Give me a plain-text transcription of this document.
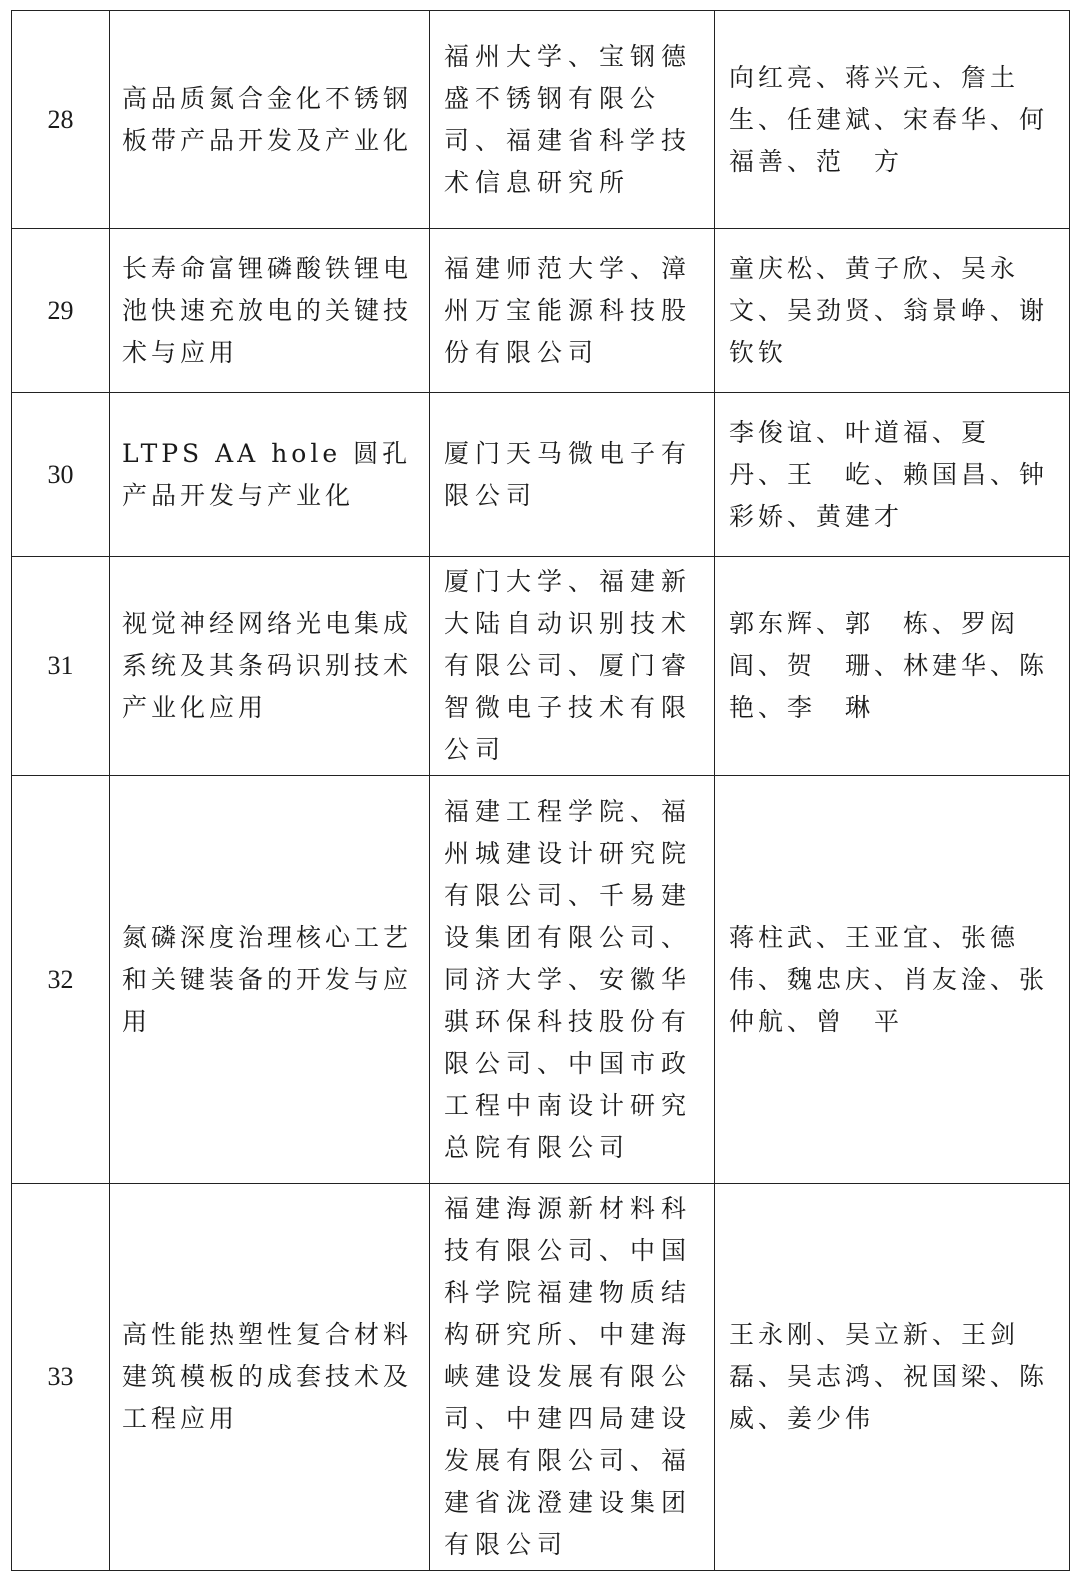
28	高品质氮合金化不锈钢板带产品开发及产业化	福州大学、宝钢德盛不锈钢有限公司、福建省科学技术信息研究所	向红亮、蒋兴元、詹土生、任建斌、宋春华、何福善、范　方

29	长寿命富锂磷酸铁锂电池快速充放电的关键技术与应用	福建师范大学、漳州万宝能源科技股份有限公司	童庆松、黄子欣、吴永文、吴劲贤、翁景峥、谢钦钦

30	LTPS AA hole 圆孔产品开发与产业化	厦门天马微电子有限公司	李俊谊、叶道福、夏　丹、王　屹、赖国昌、钟彩娇、黄建才

31	视觉神经网络光电集成系统及其条码识别技术产业化应用	厦门大学、福建新大陆自动识别技术有限公司、厦门睿智微电子技术有限公司	郭东辉、郭　栋、罗闳闾、贺　珊、林建华、陈　艳、李　琳

32	氮磷深度治理核心工艺和关键装备的开发与应用	福建工程学院、福州城建设计研究院有限公司、千易建设集团有限公司、同济大学、安徽华骐环保科技股份有限公司、中国市政工程中南设计研究总院有限公司	蒋柱武、王亚宜、张德伟、魏忠庆、肖友淦、张仲航、曾　平

33	高性能热塑性复合材料建筑模板的成套技术及工程应用	福建海源新材料科技有限公司、中国科学院福建物质结构研究所、中建海峡建设发展有限公司、中建四局建设发展有限公司、福建省泷澄建设集团有限公司	王永刚、吴立新、王剑磊、吴志鸿、祝国梁、陈　威、姜少伟
